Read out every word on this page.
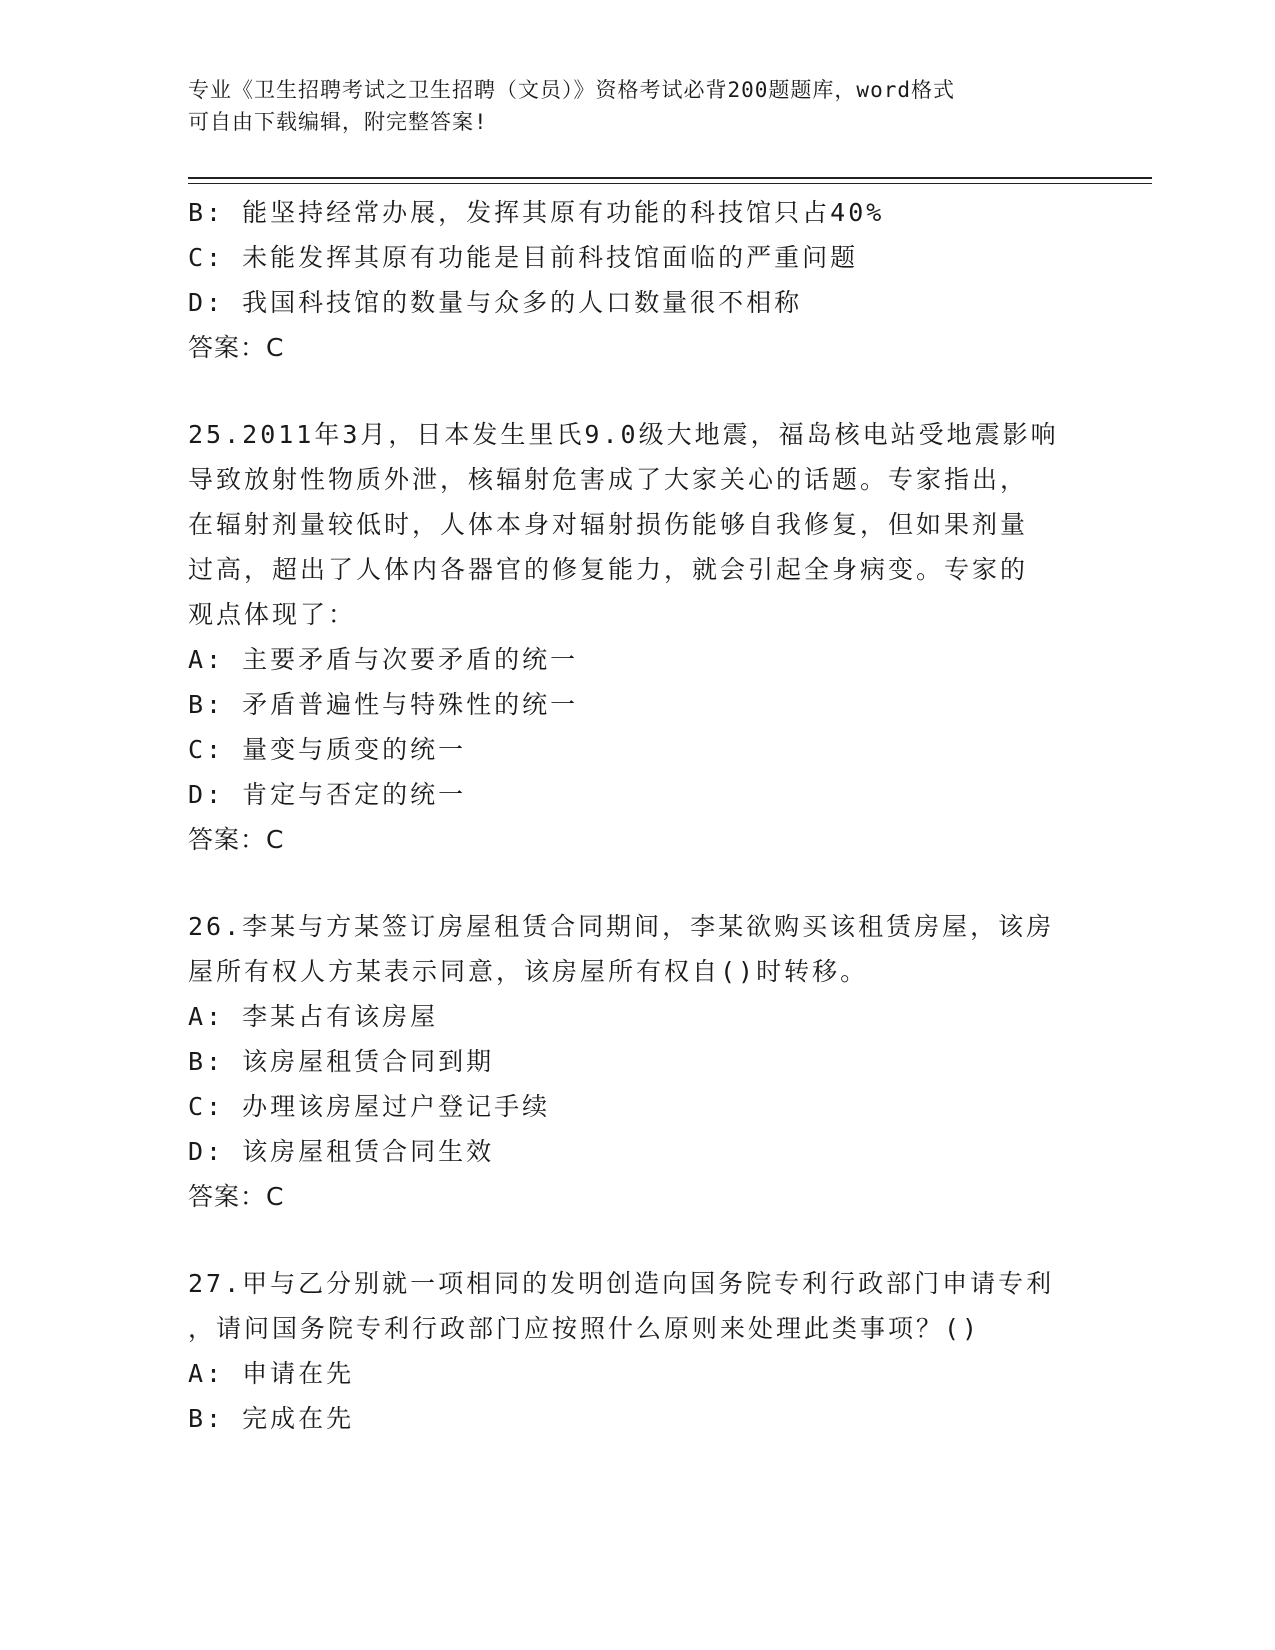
专业《卫生招聘考试之卫生招聘（文员）》资格考试必背200题题库，word格式
可自由下载编辑，附完整答案!
B: 能坚持经常办展，发挥其原有功能的科技馆只占40%
C: 未能发挥其原有功能是目前科技馆面临的严重问题
D: 我国科技馆的数量与众多的人口数量很不相称
答案：C
25.2011年3月，日本发生里氏9.0级大地震，福岛核电站受地震影响
导致放射性物质外泄，核辐射危害成了大家关心的话题。专家指出，
在辐射剂量较低时，人体本身对辐射损伤能够自我修复，但如果剂量
过高，超出了人体内各器官的修复能力，就会引起全身病变。专家的
观点体现了：
A: 主要矛盾与次要矛盾的统一
B: 矛盾普遍性与特殊性的统一
C: 量变与质变的统一
D: 肯定与否定的统一
答案：C
26.李某与方某签订房屋租赁合同期间，李某欲购买该租赁房屋，该房
屋所有权人方某表示同意，该房屋所有权自()时转移。
A: 李某占有该房屋
B: 该房屋租赁合同到期
C: 办理该房屋过户登记手续
D: 该房屋租赁合同生效
答案：C
27.甲与乙分别就一项相同的发明创造向国务院专利行政部门申请专利
，请问国务院专利行政部门应按照什么原则来处理此类事项？()
A: 申请在先
B: 完成在先
